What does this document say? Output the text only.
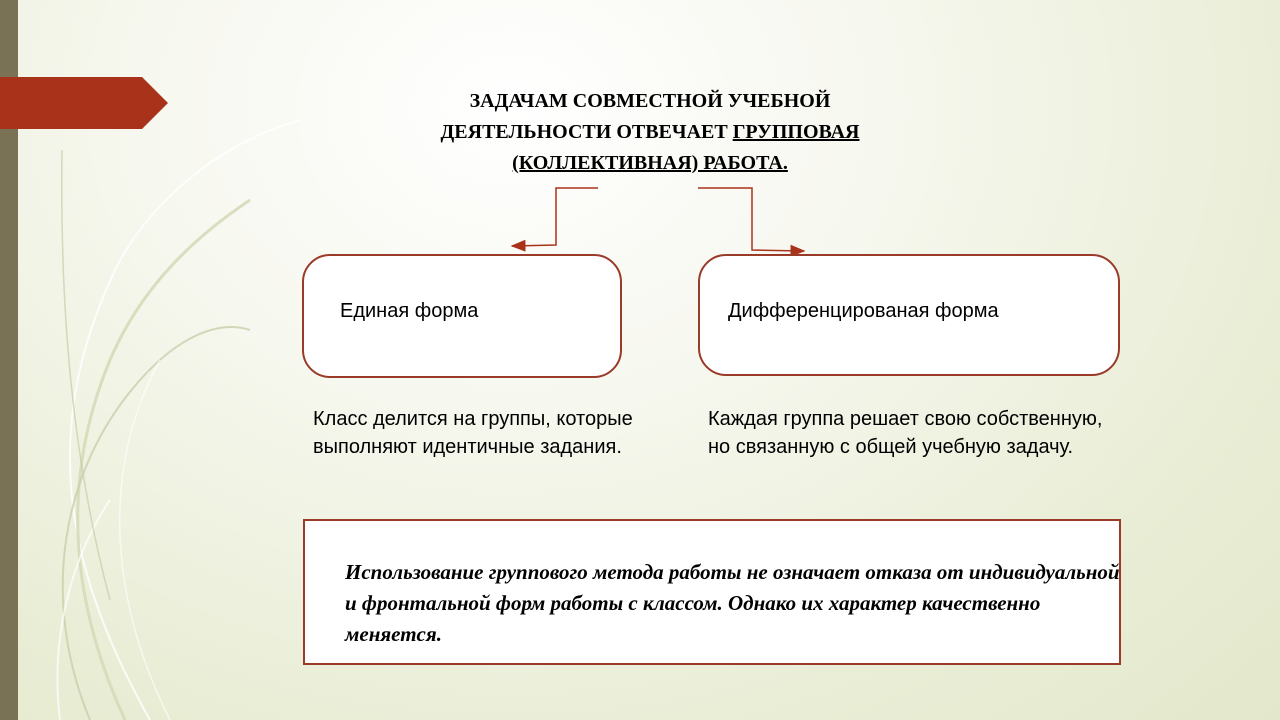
ЗАДАЧАМ СОВМЕСТНОЙ УЧЕБНОЙ
ДЕЯТЕЛЬНОСТИ ОТВЕЧАЕТ ГРУППОВАЯ
(КОЛЛЕКТИВНАЯ) РАБОТА.
Единая форма	Дифференцированая форма

Класс делится на группы, которые выполняют идентичные задания.

Каждая группа решает свою собственную, но связанную с общей учебную задачу.

Использование группового метода работы не означает отказа от индивидуальной и фронтальной форм работы с классом. Однако их характер качественно меняется.
